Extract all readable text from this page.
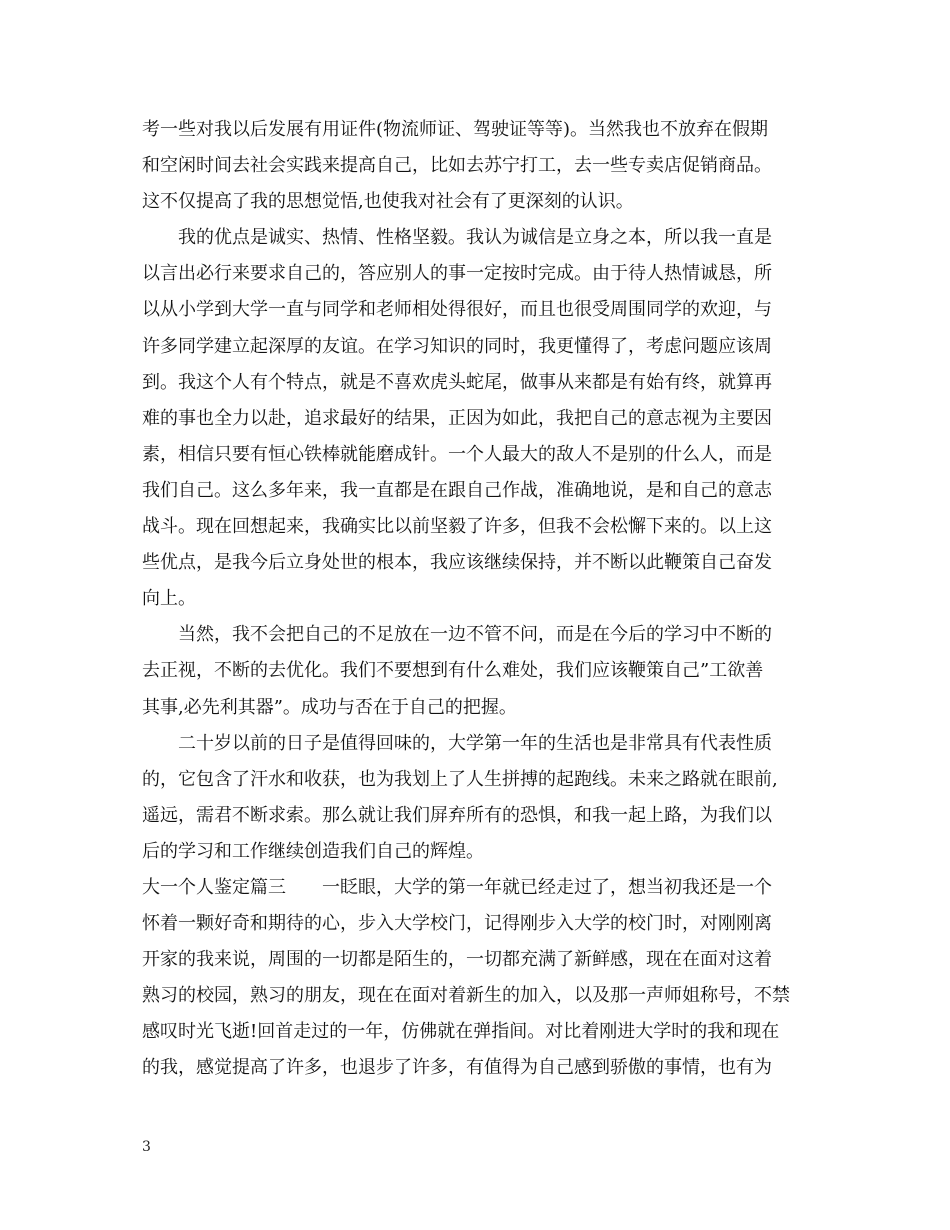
考一些对我以后发展有用证件(物流师证、驾驶证等等)。当然我也不放弃在假期
和空闲时间去社会实践来提高自己，比如去苏宁打工，去一些专卖店促销商品。
这不仅提高了我的思想觉悟,也使我对社会有了更深刻的认识。
我的优点是诚实、热情、性格坚毅。我认为诚信是立身之本，所以我一直是
以言出必行来要求自己的，答应别人的事一定按时完成。由于待人热情诚恳，所
以从小学到大学一直与同学和老师相处得很好，而且也很受周围同学的欢迎，与
许多同学建立起深厚的友谊。在学习知识的同时，我更懂得了，考虑问题应该周
到。我这个人有个特点，就是不喜欢虎头蛇尾，做事从来都是有始有终，就算再
难的事也全力以赴，追求最好的结果，正因为如此，我把自己的意志视为主要因
素，相信只要有恒心铁棒就能磨成针。一个人最大的敌人不是别的什么人，而是
我们自己。这么多年来，我一直都是在跟自己作战，准确地说，是和自己的意志
战斗。现在回想起来，我确实比以前坚毅了许多，但我不会松懈下来的。以上这
些优点，是我今后立身处世的根本，我应该继续保持，并不断以此鞭策自己奋发
向上。
当然，我不会把自己的不足放在一边不管不问，而是在今后的学习中不断的
去正视，不断的去优化。我们不要想到有什么难处，我们应该鞭策自己”工欲善
其事,必先利其器”。成功与否在于自己的把握。
二十岁以前的日子是值得回味的，大学第一年的生活也是非常具有代表性质
的，它包含了汗水和收获，也为我划上了人生拼搏的起跑线。未来之路就在眼前,
遥远，需君不断求索。那么就让我们屏弃所有的恐惧，和我一起上路，为我们以
后的学习和工作继续创造我们自己的辉煌。
大一个人鉴定篇三　　一眨眼，大学的第一年就已经走过了，想当初我还是一个
怀着一颗好奇和期待的心，步入大学校门，记得刚步入大学的校门时，对刚刚离
开家的我来说，周围的一切都是陌生的，一切都充满了新鲜感，现在在面对这着
熟习的校园，熟习的朋友，现在在面对着新生的加入，以及那一声师姐称号，不禁
感叹时光飞逝!回首走过的一年，仿佛就在弹指间。对比着刚进大学时的我和现在
的我，感觉提高了许多，也退步了许多，有值得为自己感到骄傲的事情，也有为
3
